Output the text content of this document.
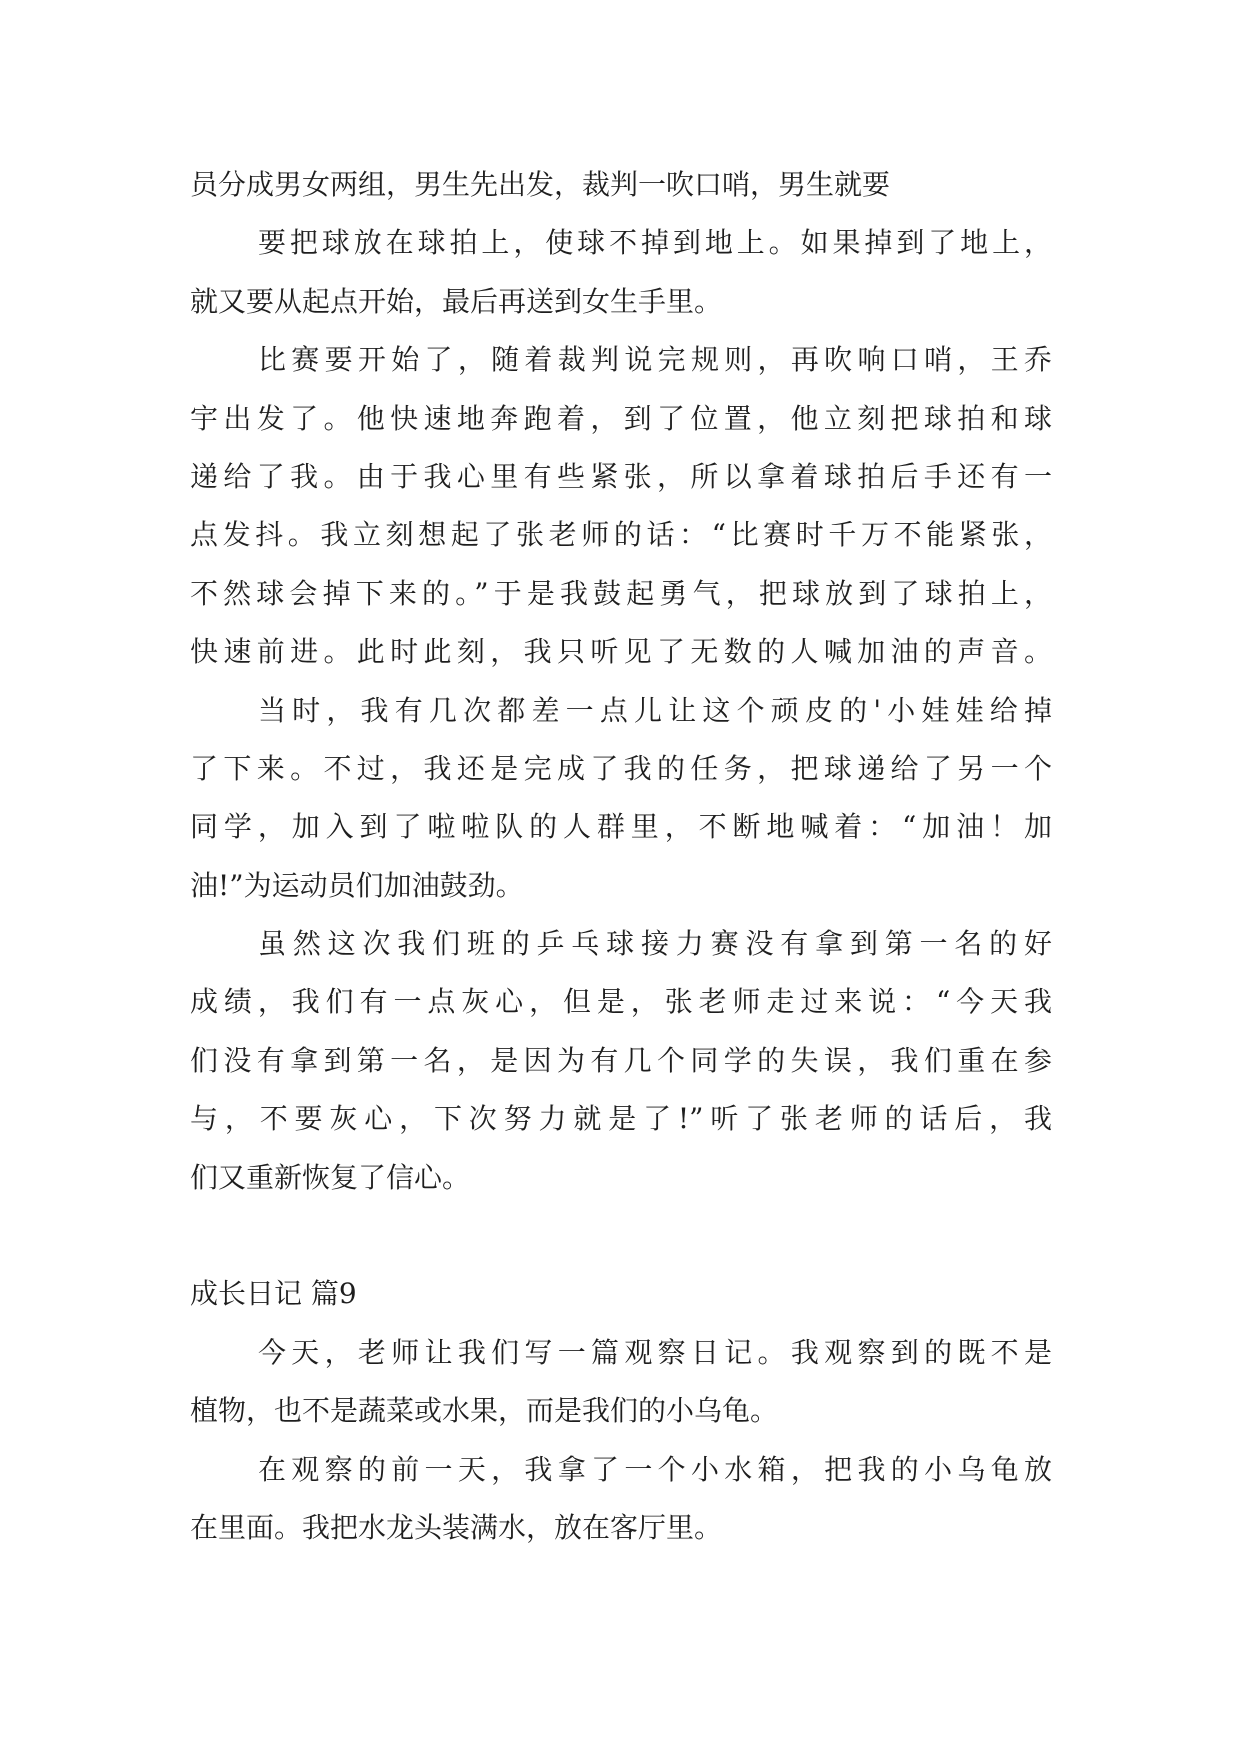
员分成男女两组，男生先出发，裁判一吹口哨，男生就要
要把球放在球拍上，使球不掉到地上。如果掉到了地上，
就又要从起点开始，最后再送到女生手里。
比赛要开始了，随着裁判说完规则，再吹响口哨，王乔
宇出发了。他快速地奔跑着，到了位置，他立刻把球拍和球
递给了我。由于我心里有些紧张，所以拿着球拍后手还有一
点发抖。我立刻想起了张老师的话：“比赛时千万不能紧张，
不然球会掉下来的。”于是我鼓起勇气，把球放到了球拍上，
快速前进。此时此刻，我只听见了无数的人喊加油的声音。
当时，我有几次都差一点儿让这个顽皮的'小娃娃给掉
了下来。不过，我还是完成了我的任务，把球递给了另一个
同学，加入到了啦啦队的人群里，不断地喊着：“加油！加
油!”为运动员们加油鼓劲。
虽然这次我们班的乒乓球接力赛没有拿到第一名的好
成绩，我们有一点灰心，但是，张老师走过来说：“今天我
们没有拿到第一名，是因为有几个同学的失误，我们重在参
与，不要灰心，下次努力就是了!”听了张老师的话后，我
们又重新恢复了信心。
成长日记 篇9
今天，老师让我们写一篇观察日记。我观察到的既不是
植物，也不是蔬菜或水果，而是我们的小乌龟。
在观察的前一天，我拿了一个小水箱，把我的小乌龟放
在里面。我把水龙头装满水，放在客厅里。
